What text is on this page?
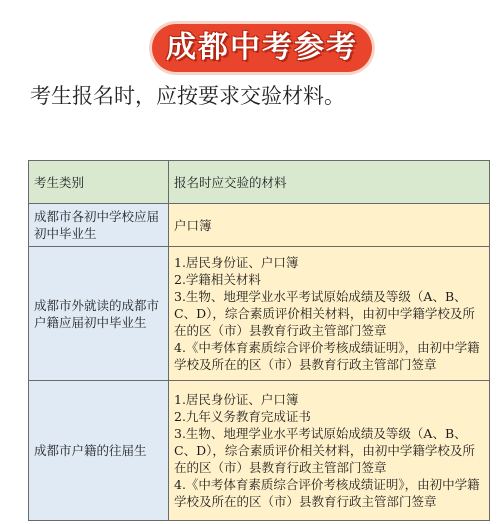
成都中考参考
考生报名时，应按要求交验材料。
考生类别	报名时应交验的材料
成都市各初中学校应届初中毕业生	户口簿

成都市外就读的成都市户籍应届初中毕业生	1.居民身份证、户口簿
2.学籍相关材料
3.生物、地理学业水平考试原始成绩及等级（A、B、C、D），综合素质评价相关材料，由初中学籍学校及所在的区（市）县教育行政主管部门签章
4.《中考体育素质综合评价考核成绩证明》，由初中学籍学校及所在的区（市）县教育行政主管部门签章

成都市户籍的往届生	1.居民身份证、户口簿
2.九年义务教育完成证书
3.生物、地理学业水平考试原始成绩及等级（A、B、C、D），综合素质评价相关材料，由初中学籍学校及所在的区（市）县教育行政主管部门签章
4.《中考体育素质综合评价考核成绩证明》，由初中学籍学校及所在的区（市）县教育行政主管部门签章
